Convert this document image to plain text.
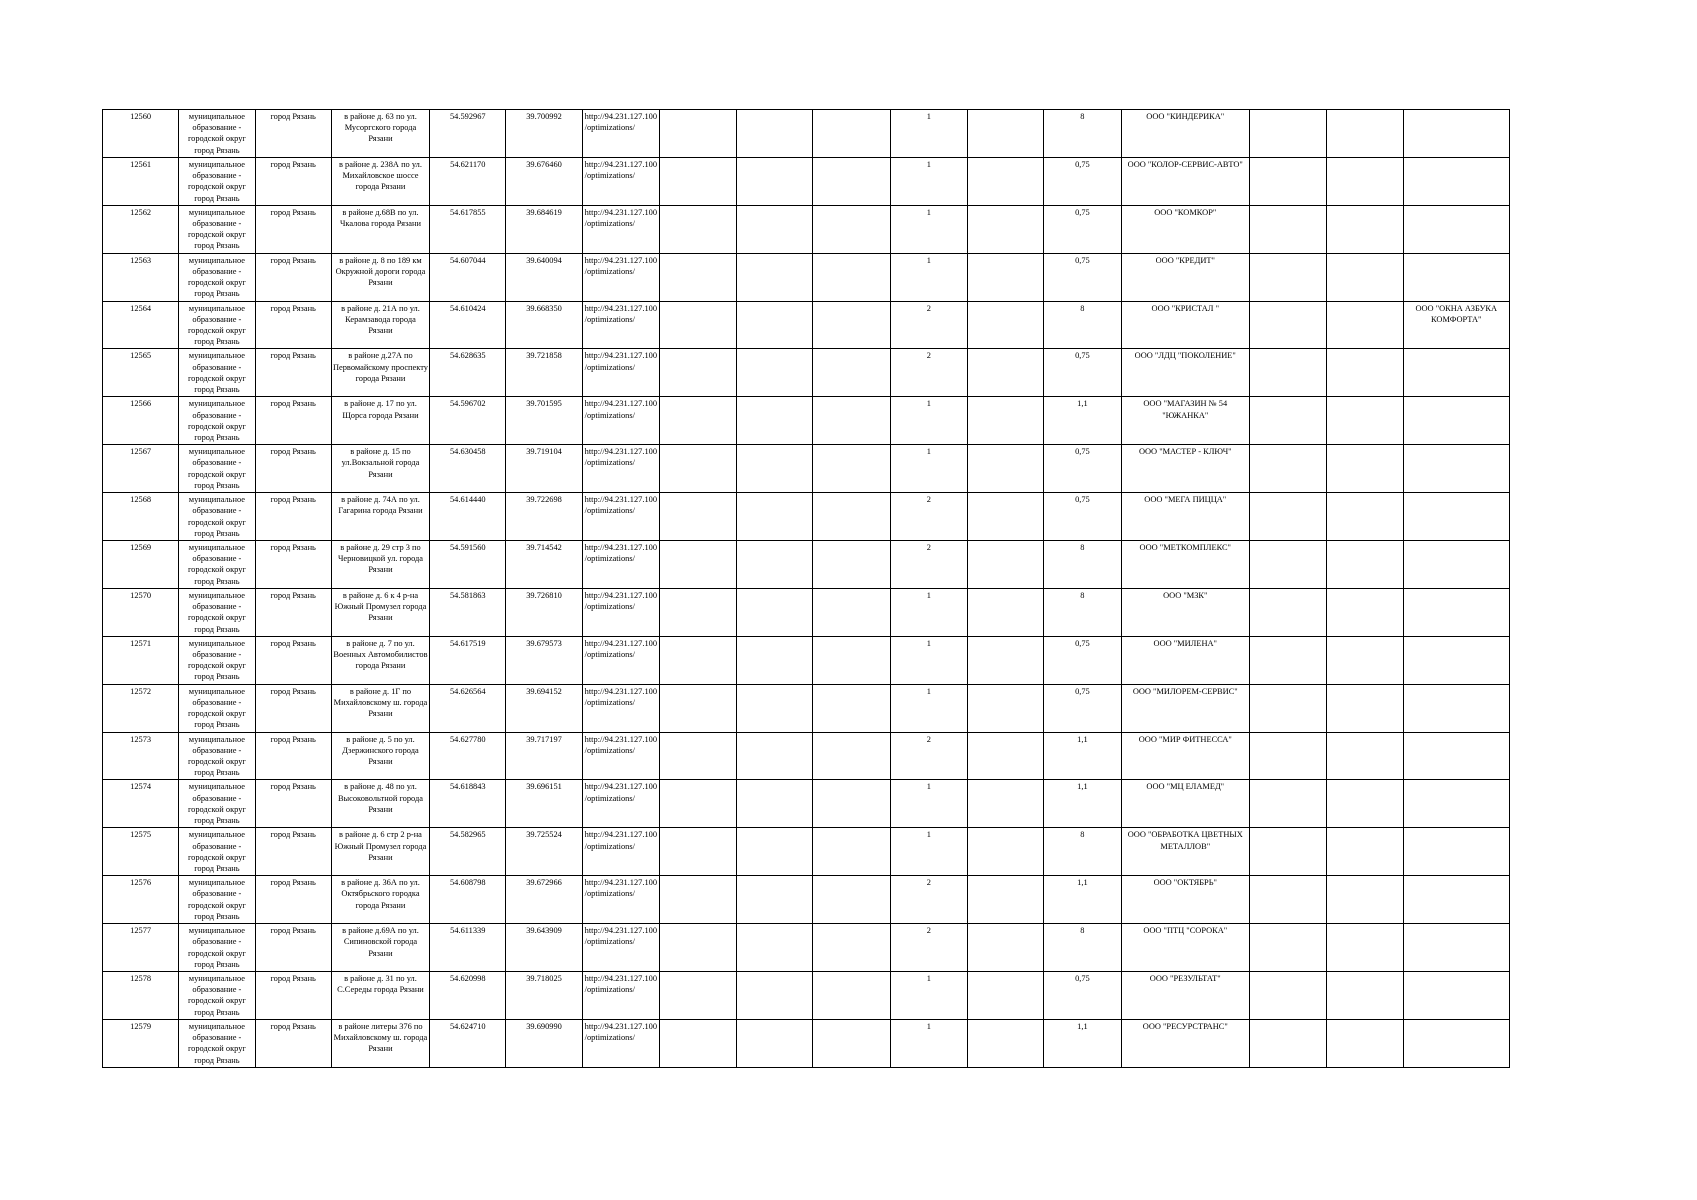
12560	муниципальное образование - городской округ город Рязань	город Рязань	в районе д. 63 по ул. Мусоргского города Рязани	54.592967	39.700992	http://94.231.127.100/optimizations/				1		8	ООО "КИНДЕРИКА"			
12561	муниципальное образование - городской округ город Рязань	город Рязань	в районе д. 238А по ул. Михайловское шоссе города Рязани	54.621170	39.676460	http://94.231.127.100/optimizations/				1		0,75	ООО "КОЛОР-СЕРВИС-АВТО"			
12562	муниципальное образование - городской округ город Рязань	город Рязань	в районе д.68В по ул. Чкалова города Рязани	54.617855	39.684619	http://94.231.127.100/optimizations/				1		0,75	ООО "КОМКОР"			
12563	муниципальное образование - городской округ город Рязань	город Рязань	в районе д. 8 по 189 км Окружной дороги города Рязани	54.607044	39.640094	http://94.231.127.100/optimizations/				1		0,75	ООО "КРЕДИТ"			
12564	муниципальное образование - городской округ город Рязань	город Рязань	в районе д. 21А по ул. Керамзавода города Рязани	54.610424	39.668350	http://94.231.127.100/optimizations/				2		8	ООО "КРИСТАЛ "			ООО "ОКНА АЗБУКА КОМФОРТА"
12565	муниципальное образование - городской округ город Рязань	город Рязань	в районе д.27А по Первомайскому проспекту города Рязани	54.628635	39.721858	http://94.231.127.100/optimizations/				2		0,75	ООО "ЛДЦ "ПОКОЛЕНИЕ"			
12566	муниципальное образование - городской округ город Рязань	город Рязань	в районе д. 17 по ул. Щорса города Рязани	54.596702	39.701595	http://94.231.127.100/optimizations/				1		1,1	ООО "МАГАЗИН № 54 "ЮЖАНКА"			
12567	муниципальное образование - городской округ город Рязань	город Рязань	в районе д. 15 по ул.Вокзальной города Рязани	54.630458	39.719104	http://94.231.127.100/optimizations/				1		0,75	ООО "МАСТЕР - КЛЮЧ"			
12568	муниципальное образование - городской округ город Рязань	город Рязань	в районе д. 74А по ул. Гагарина города Рязани	54.614440	39.722698	http://94.231.127.100/optimizations/				2		0,75	ООО "МЕГА ПИЦЦА"			
12569	муниципальное образование - городской округ город Рязань	город Рязань	в районе д. 29 стр 3 по Черновицкой ул. города Рязани	54.591560	39.714542	http://94.231.127.100/optimizations/				2		8	ООО "МЕТКОМПЛЕКС"			
12570	муниципальное образование - городской округ город Рязань	город Рязань	в районе д. 6 к 4 р-на Южный Промузел города Рязани	54.581863	39.726810	http://94.231.127.100/optimizations/				1		8	ООО "МЗК"			
12571	муниципальное образование - городской округ город Рязань	город Рязань	в районе д. 7 по ул. Военных Автомобилистов города Рязани	54.617519	39.679573	http://94.231.127.100/optimizations/				1		0,75	ООО "МИЛЕНА"			
12572	муниципальное образование - городской округ город Рязань	город Рязань	в районе д. 1Г по Михайловскому ш. города Рязани	54.626564	39.694152	http://94.231.127.100/optimizations/				1		0,75	ООО "МИЛОРЕМ-СЕРВИС"			
12573	муниципальное образование - городской округ город Рязань	город Рязань	в районе д. 5 по ул. Дзержинского города Рязани	54.627780	39.717197	http://94.231.127.100/optimizations/				2		1,1	ООО "МИР ФИТНЕССА"			
12574	муниципальное образование - городской округ город Рязань	город Рязань	в районе д. 48 по ул. Высоковольтной города Рязани	54.618843	39.696151	http://94.231.127.100/optimizations/				1		1,1	ООО "МЦ ЕЛАМЕД"			
12575	муниципальное образование - городской округ город Рязань	город Рязань	в районе д. 6 стр 2 р-на Южный Промузел города Рязани	54.582965	39.725524	http://94.231.127.100/optimizations/				1		8	ООО "ОБРАБОТКА ЦВЕТНЫХ МЕТАЛЛОВ"			
12576	муниципальное образование - городской округ город Рязань	город Рязань	в районе д. 36А по ул. Октябрьского городка города Рязани	54.608798	39.672966	http://94.231.127.100/optimizations/				2		1,1	ООО "ОКТЯБРЬ"			
12577	муниципальное образование - городской округ город Рязань	город Рязань	в районе д.69А по ул. Сипиновской города Рязани	54.611339	39.643909	http://94.231.127.100/optimizations/				2		8	ООО "ПТЦ "СОРОКА"			
12578	муниципальное образование - городской округ город Рязань	город Рязань	в районе д. 31 по ул. С.Середы города Рязани	54.620998	39.718025	http://94.231.127.100/optimizations/				1		0,75	ООО "РЕЗУЛЬТАТ"			
12579	муниципальное образование - городской округ город Рязань	город Рязань	в районе литеры 376 по Михайловскому ш. города Рязани	54.624710	39.690990	http://94.231.127.100/optimizations/				1		1,1	ООО "РЕСУРСТРАНС"			
